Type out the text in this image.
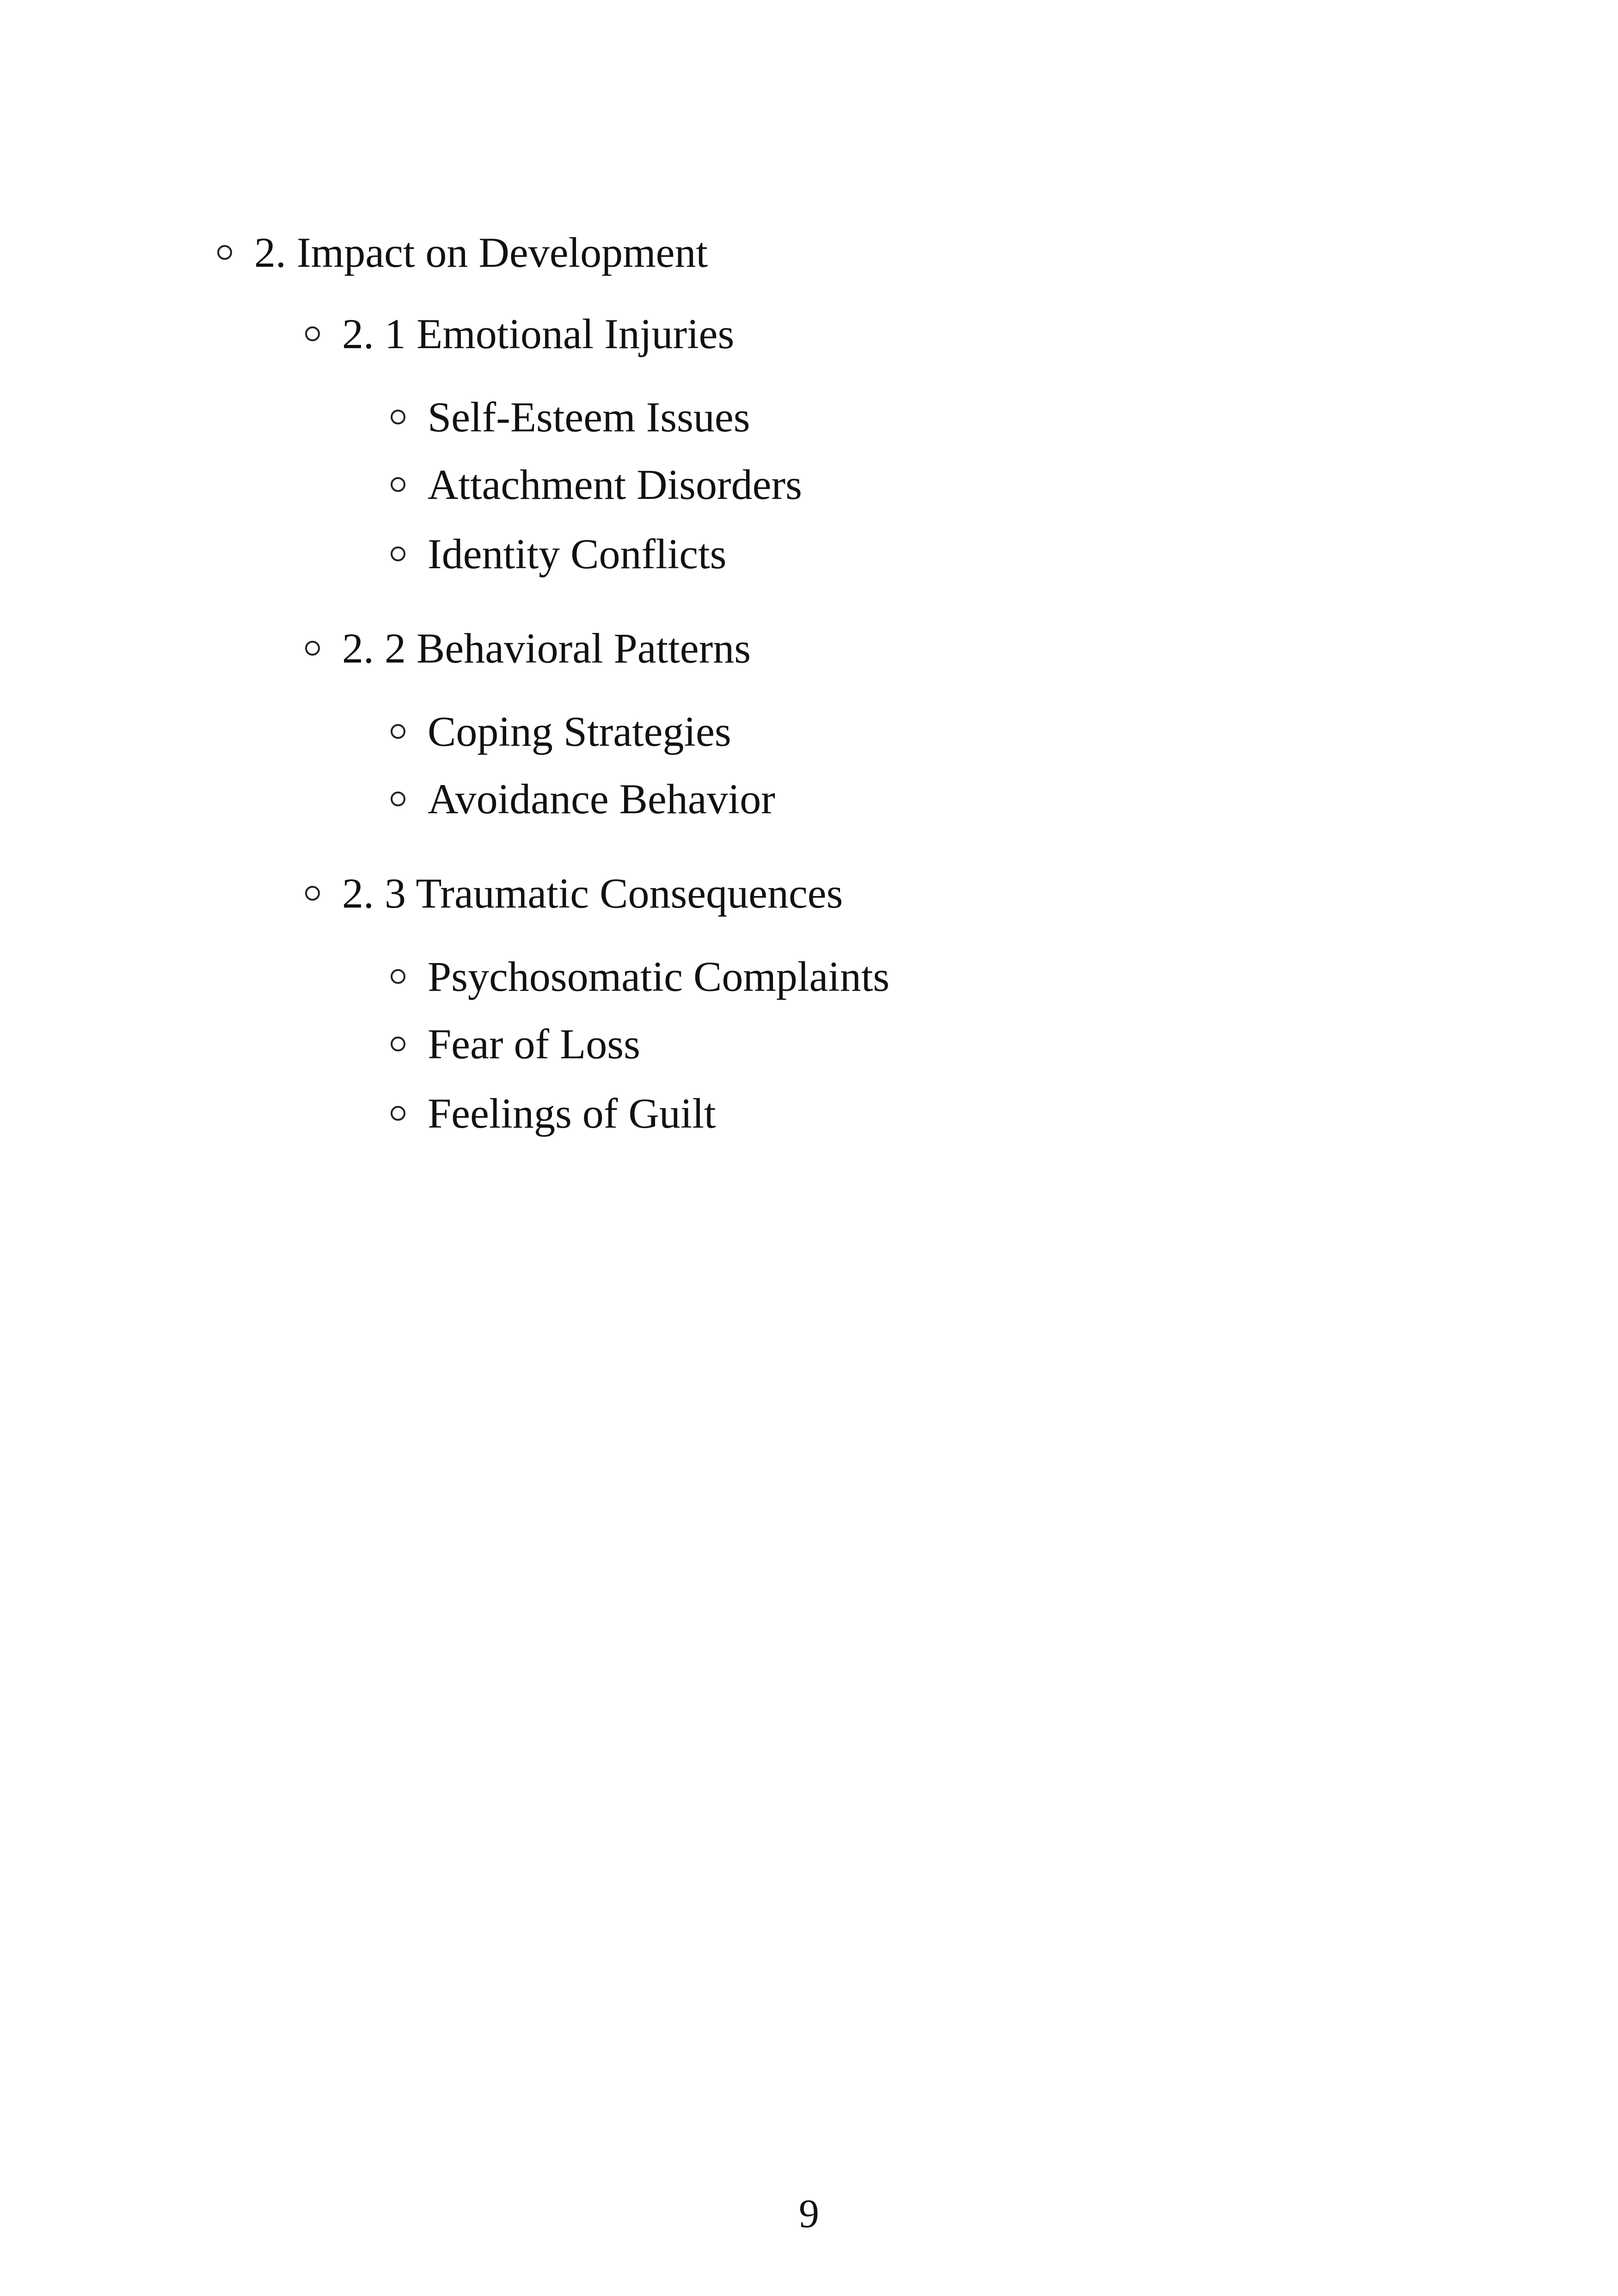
2. Impact on Development
2. 1 Emotional Injuries
Self-Esteem Issues
Attachment Disorders
Identity Conflicts
2. 2 Behavioral Patterns
Coping Strategies
Avoidance Behavior
2. 3 Traumatic Consequences
Psychosomatic Complaints
Fear of Loss
Feelings of Guilt
9
